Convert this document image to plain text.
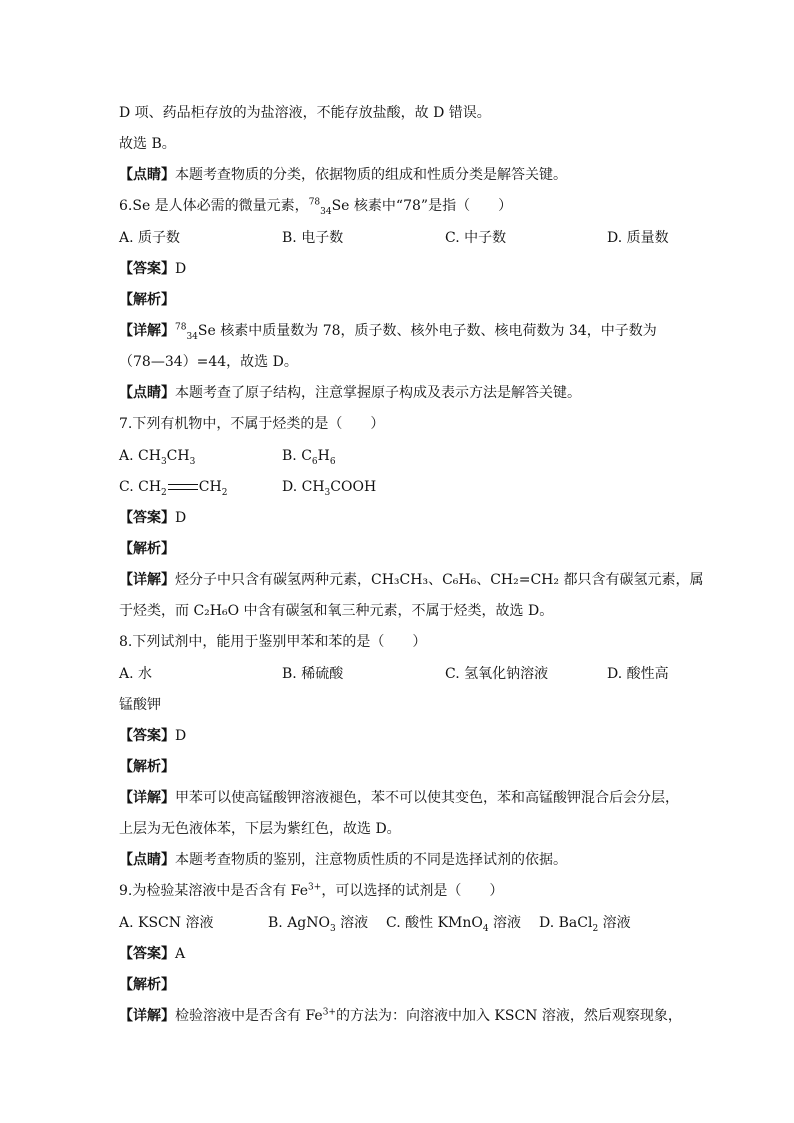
D 项、药品柜存放的为盐溶液，不能存放盐酸，故 D 错误。
故选 B。
【点睛】本题考查物质的分类，依据物质的组成和性质分类是解答关键。
6.Se 是人体必需的微量元素，$^{78}_{34}$Se 核素中“78”是指（　　）
A. 质子数	B. 电子数	C. 中子数	D. 质量数
【答案】D
【解析】
【详解】$^{78}_{34}$Se 核素中质量数为 78，质子数、核外电子数、核电荷数为 34，中子数为
（78—34）=44，故选 D。
【点睛】本题考查了原子结构，注意掌握原子构成及表示方法是解答关键。
7.下列有机物中，不属于烃类的是（　　）
A. $CH_3CH_3$	B. $C_6H_6$
C. $CH_2$ $CH_2$	D. $CH_3COOH$
【答案】D
【解析】
【详解】烃分子中只含有碳氢两种元素，CH₃CH₃、C₆H₆、CH₂=CH₂ 都只含有碳氢元素，属
于烃类，而 C₂H₆O 中含有碳氢和氧三种元素，不属于烃类，故选 D。
8.下列试剂中，能用于鉴别甲苯和苯的是（　　）
A. 水	B. 稀硫酸	C. 氢氧化钠溶液	D. 酸性高
锰酸钾
【答案】D
【解析】
【详解】甲苯可以使高锰酸钾溶液褪色，苯不可以使其变色，苯和高锰酸钾混合后会分层，
上层为无色液体苯，下层为紫红色，故选 D。
【点睛】本题考查物质的鉴别，注意物质性质的不同是选择试剂的依据。
9.为检验某溶液中是否含有 $Fe^{3+}$，可以选择的试剂是（　　）
A. KSCN 溶液	B. AgNO$_3$ 溶液 C. 酸性 KMnO$_4$ 溶液 D. BaCl$_2$ 溶液
【答案】A
【解析】
【详解】检验溶液中是否含有 $Fe^{3+}$的方法为：向溶液中加入 KSCN 溶液，然后观察现象，
